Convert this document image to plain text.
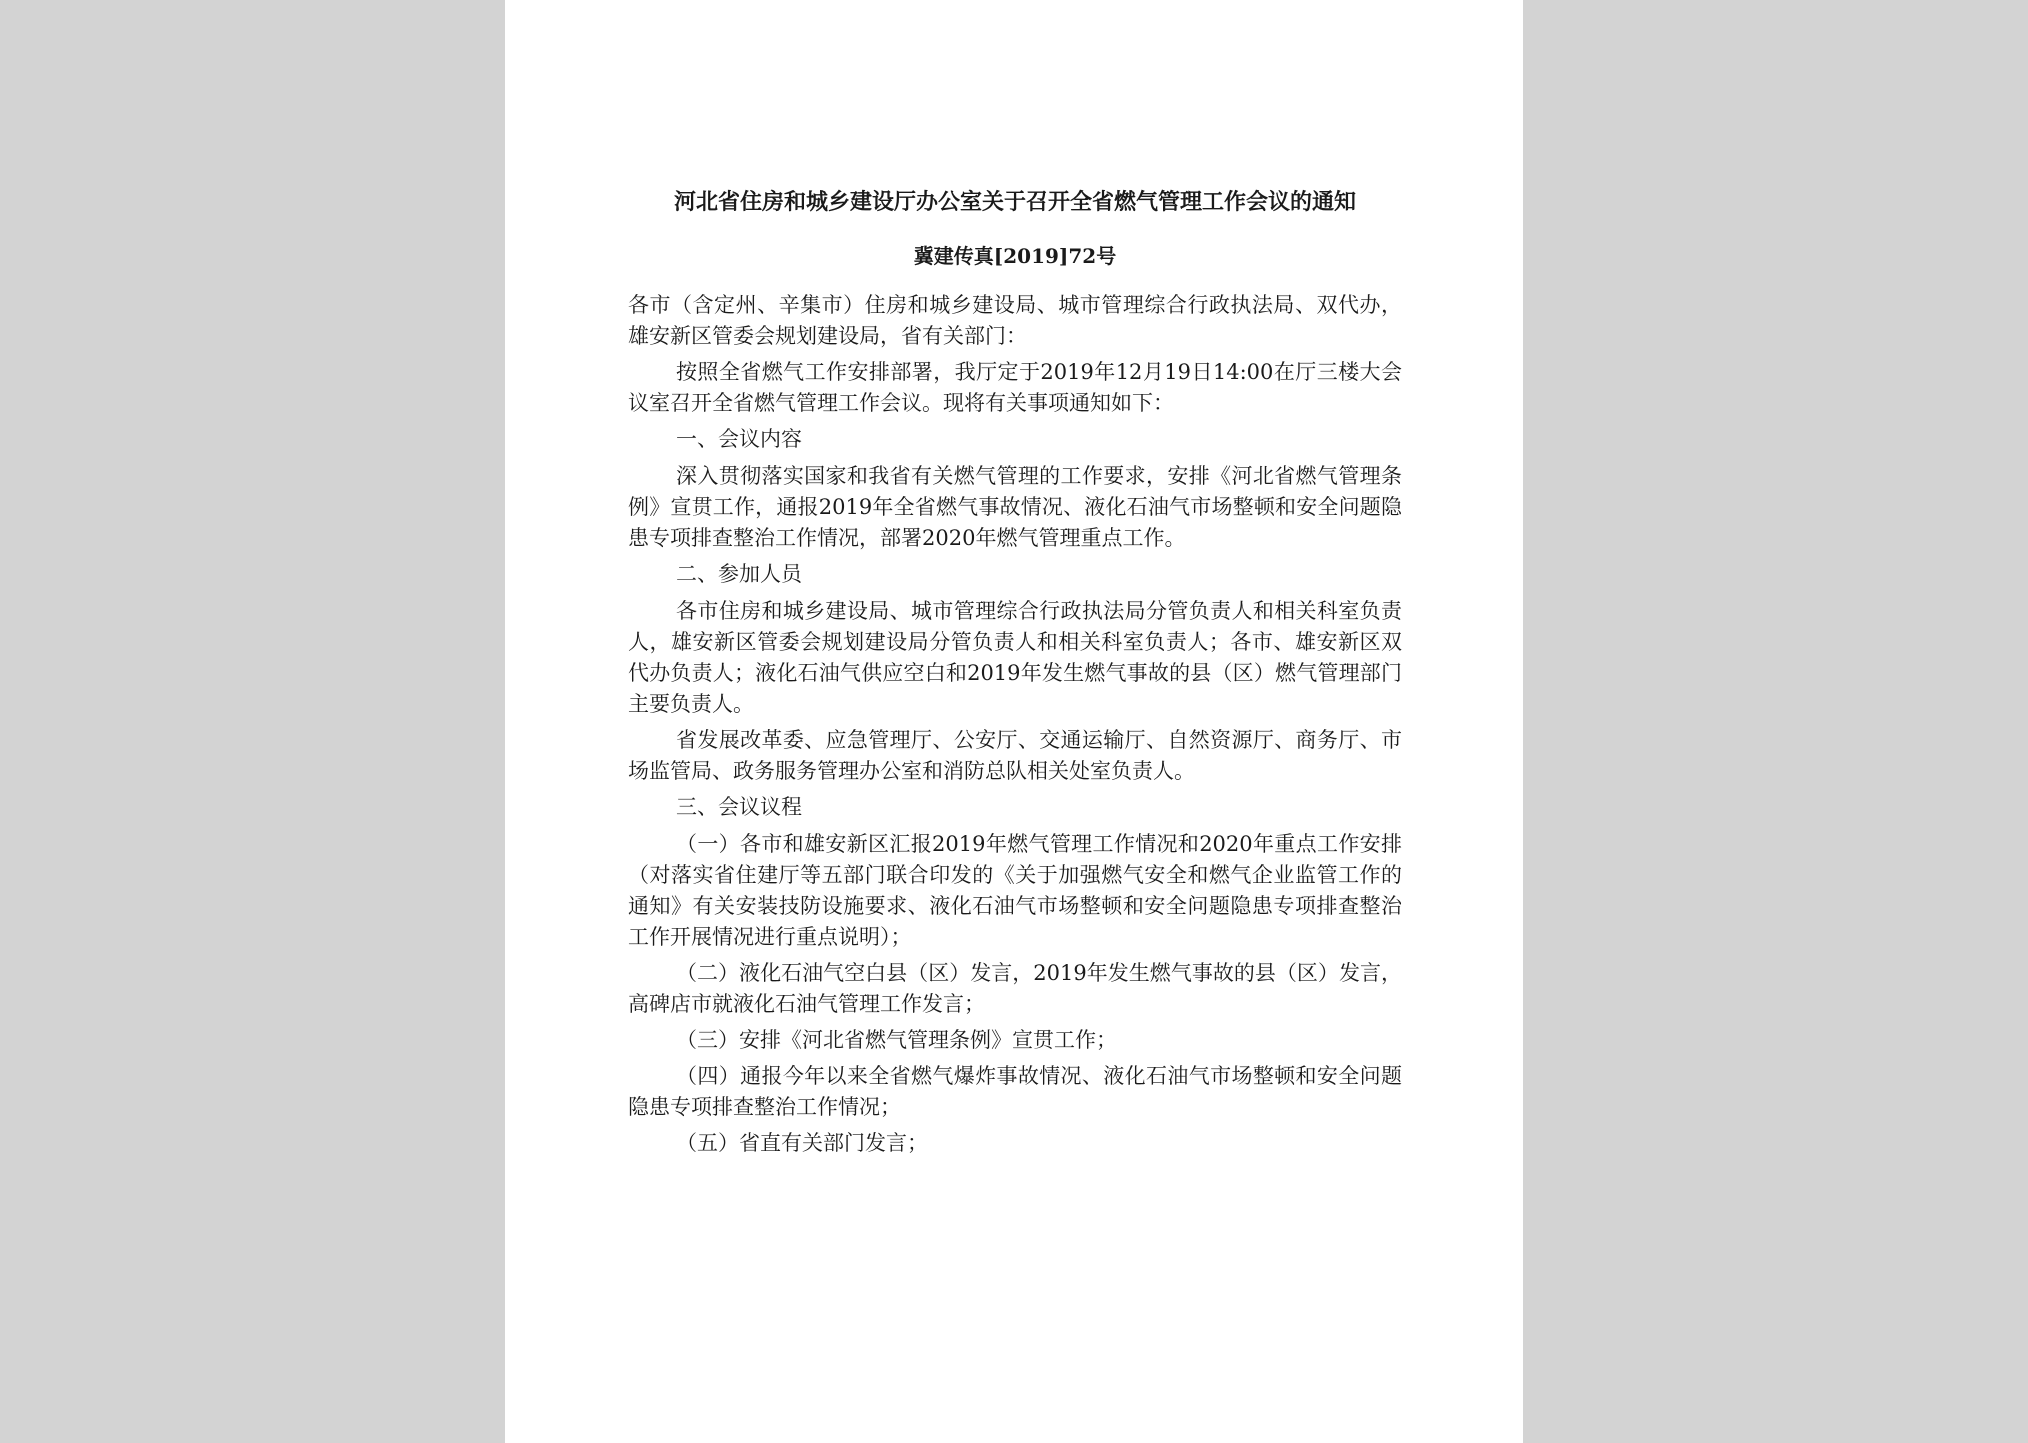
河北省住房和城乡建设厅办公室关于召开全省燃气管理工作会议的通知
冀建传真[2019]72号

各市（含定州、辛集市）住房和城乡建设局、城市管理综合行政执法局、双代办，雄安新区管委会规划建设局，省有关部门：

按照全省燃气工作安排部署，我厅定于2019年12月19日14:00在厅三楼大会议室召开全省燃气管理工作会议。现将有关事项通知如下：

一、会议内容

深入贯彻落实国家和我省有关燃气管理的工作要求，安排《河北省燃气管理条例》宣贯工作，通报2019年全省燃气事故情况、液化石油气市场整顿和安全问题隐患专项排查整治工作情况，部署2020年燃气管理重点工作。

二、参加人员

各市住房和城乡建设局、城市管理综合行政执法局分管负责人和相关科室负责人，雄安新区管委会规划建设局分管负责人和相关科室负责人；各市、雄安新区双代办负责人；液化石油气供应空白和2019年发生燃气事故的县（区）燃气管理部门主要负责人。

省发展改革委、应急管理厅、公安厅、交通运输厅、自然资源厅、商务厅、市场监管局、政务服务管理办公室和消防总队相关处室负责人。

三、会议议程

（一）各市和雄安新区汇报2019年燃气管理工作情况和2020年重点工作安排（对落实省住建厅等五部门联合印发的《关于加强燃气安全和燃气企业监管工作的通知》有关安装技防设施要求、液化石油气市场整顿和安全问题隐患专项排查整治工作开展情况进行重点说明）；

（二）液化石油气空白县（区）发言，2019年发生燃气事故的县（区）发言，高碑店市就液化石油气管理工作发言；

（三）安排《河北省燃气管理条例》宣贯工作；

（四）通报今年以来全省燃气爆炸事故情况、液化石油气市场整顿和安全问题隐患专项排查整治工作情况；

（五）省直有关部门发言；
